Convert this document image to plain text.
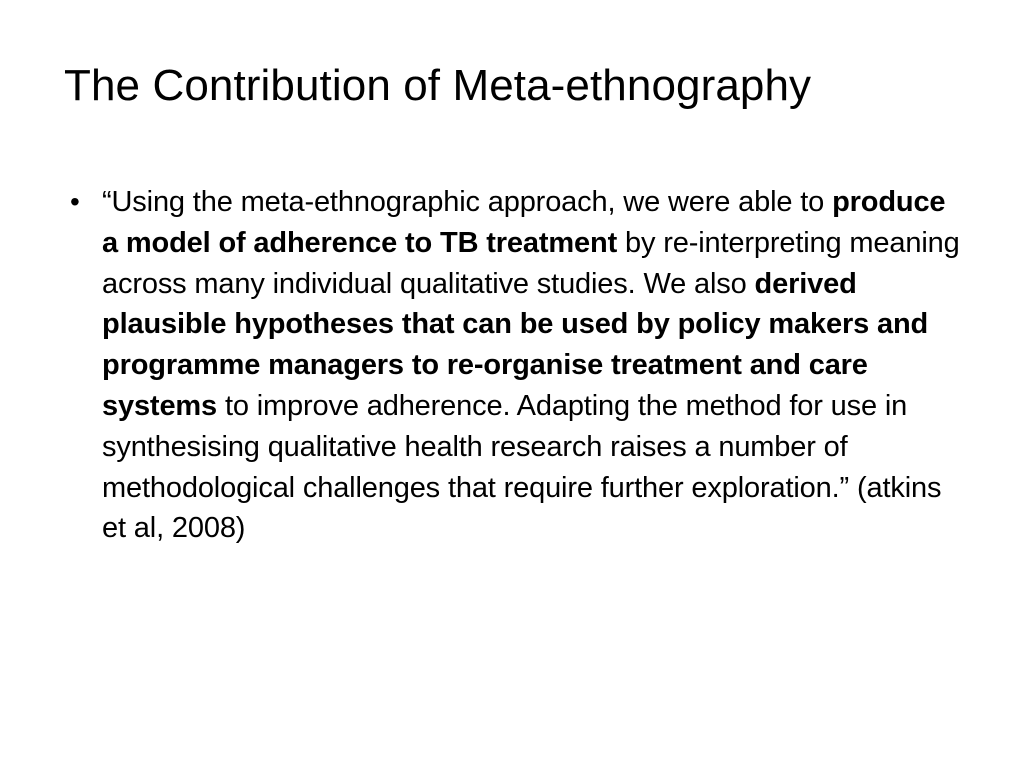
The Contribution of Meta-ethnography
• “Using the meta-ethnographic approach, we were able to produce a model of adherence to TB treatment by re-interpreting meaning across many individual qualitative studies. We also derived plausible hypotheses that can be used by policy makers and programme managers to re-organise treatment and care systems to improve adherence. Adapting the method for use in synthesising qualitative health research raises a number of methodological challenges that require further exploration.” (atkins et al, 2008)
